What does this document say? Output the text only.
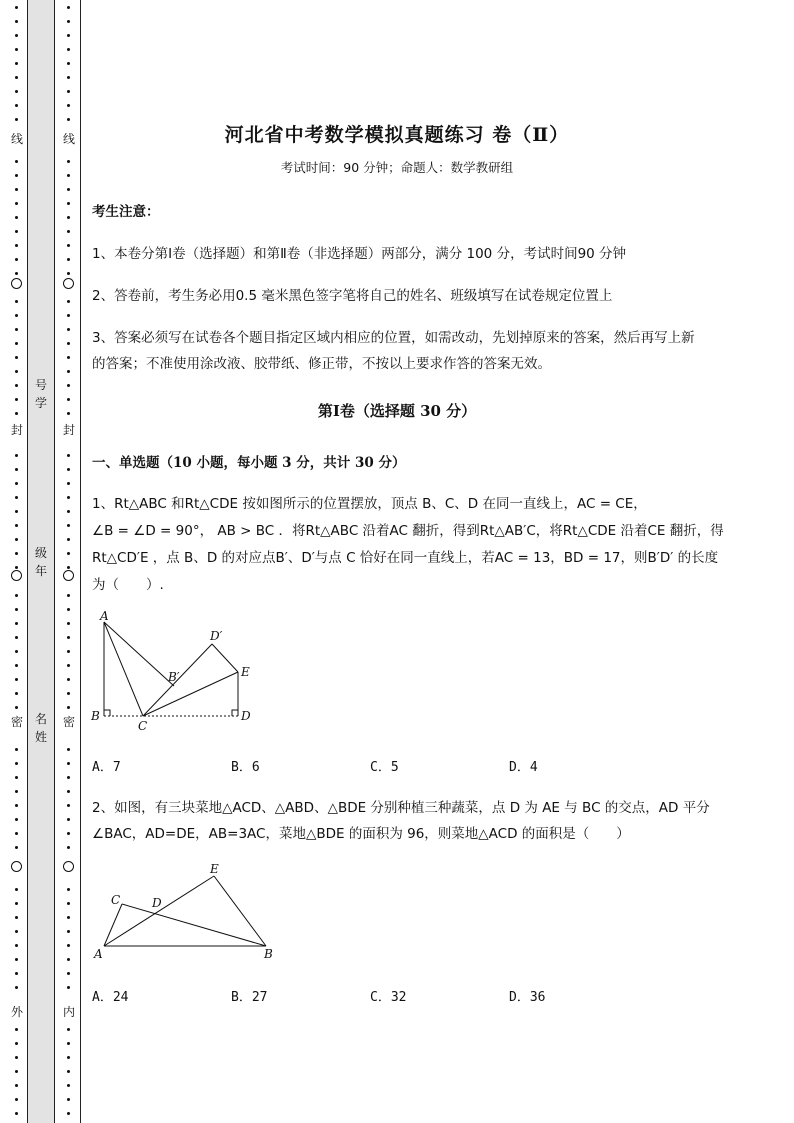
线
封
密
外
线
封
密
内
号
学
级
年
名
姓
河北省中考数学模拟真题练习 卷（Ⅱ）
考试时间：90 分钟；命题人：数学教研组
考生注意：
1、本卷分第Ⅰ卷（选择题）和第Ⅱ卷（非选择题）两部分，满分 100 分，考试时间90 分钟
2、答卷前，考生务必用0.5 毫米黑色签字笔将自己的姓名、班级填写在试卷规定位置上
3、答案必须写在试卷各个题目指定区域内相应的位置，如需改动，先划掉原来的答案，然后再写上新
的答案；不准使用涂改液、胶带纸、修正带，不按以上要求作答的答案无效。
第Ⅰ卷（选择题 30 分）
一、单选题（10 小题，每小题 3 分，共计 30 分）
1、Rt△ABC 和Rt△CDE 按如图所示的位置摆放，顶点 B、C、D 在同一直线上，AC = CE，
∠B = ∠D = 90°， AB > BC ．将Rt△ABC 沿着AC 翻折，得到Rt△AB′C，将Rt△CDE 沿着CE 翻折，得
Rt△CD′E ，点 B、D 的对应点B′、D′与点 C 恰好在同一直线上，若AC = 13，BD = 17，则B′D′ 的长度
为（　　）.
A
D′
E
B′
B
C
D
A．7	B．6	C．5	D．4
2、如图，有三块菜地△ACD、△ABD、△BDE 分别种植三种蔬菜，点 D 为 AE 与 BC 的交点，AD 平分
∠BAC，AD=DE，AB=3AC，菜地△BDE 的面积为 96，则菜地△ACD 的面积是（　　）
E
C	D
A	B
A．24	B．27	C．32	D．36
